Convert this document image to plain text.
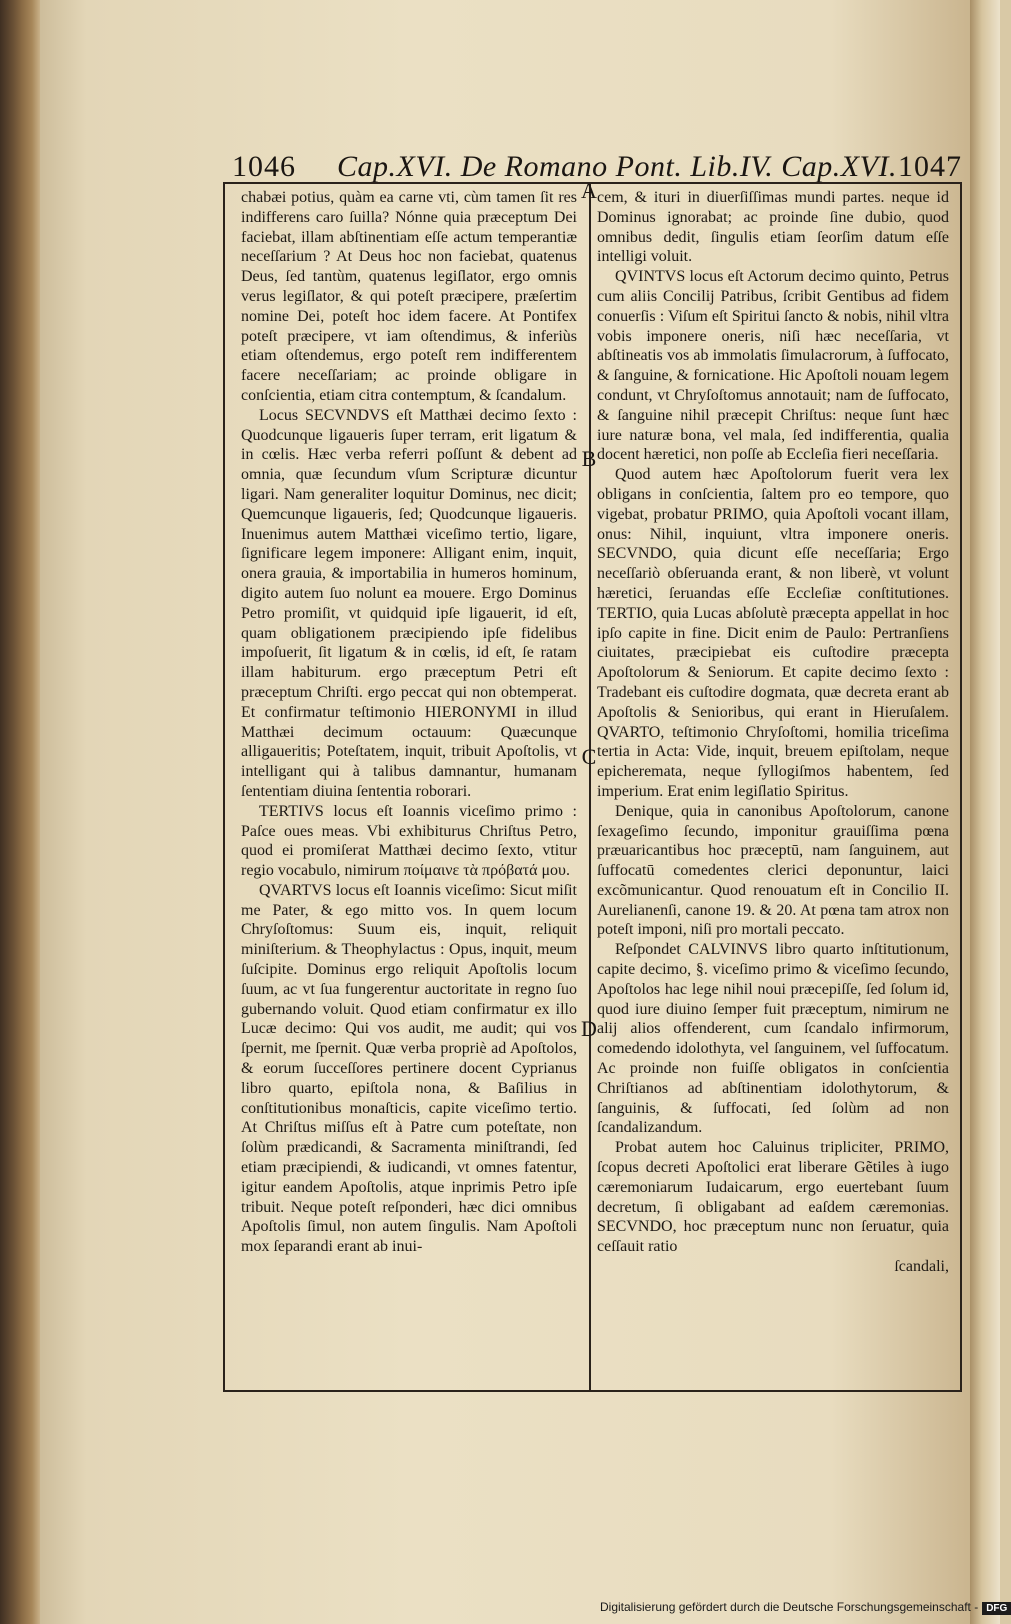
1046 Cap.XVI. De Romano Pont. Lib.IV. Cap.XVI. 1047
A
B
C
D

chabæi potius, quàm ea carne vti, cùm tamen ſit res indifferens caro ſuilla? Nónne quia præceptum Dei faciebat, illam abſtinentiam eſſe actum temperantiæ neceſſarium ? At Deus hoc non faciebat, quatenus Deus, ſed tantùm, quatenus legiſlator, ergo omnis verus legiſlator, & qui poteſt præcipere, præſertim nomine Dei, poteſt hoc idem facere. At Pontifex poteſt præcipere, vt iam oſtendimus, & inferiùs etiam oſtendemus, ergo poteſt rem indifferentem facere neceſſariam; ac proinde obligare in conſcientia, etiam citra contemptum, & ſcandalum.

Locus SECVNDVS eſt Matthæi decimo ſexto : Quodcunque ligaueris ſuper terram, erit ligatum & in cœlis. Hæc verba referri poſſunt & debent ad omnia, quæ ſecundum vſum Scripturæ dicuntur ligari. Nam generaliter loquitur Dominus, nec dicit; Quemcunque ligaueris, ſed; Quodcunque ligaueris. Inuenimus autem Matthæi viceſimo tertio, ligare, ſignificare legem imponere: Alligant enim, inquit, onera grauia, & importabilia in humeros hominum, digito autem ſuo nolunt ea mouere. Ergo Dominus Petro promiſit, vt quidquid ipſe ligauerit, id eſt, quam obligationem præcipiendo ipſe fidelibus impoſuerit, ſit ligatum & in cœlis, id eſt, ſe ratam illam habiturum. ergo præceptum Petri eſt præceptum Chriſti. ergo peccat qui non obtemperat. Et confirmatur teſtimonio HIERONYMI in illud Matthæi decimum octauum: Quæcunque alligaueritis; Poteſtatem, inquit, tribuit Apoſtolis, vt intelligant qui à talibus damnantur, humanam ſententiam diuina ſententia roborari.

TERTIVS locus eſt Ioannis viceſimo primo : Paſce oues meas. Vbi exhibiturus Chriſtus Petro, quod ei promiſerat Matthæi decimo ſexto, vtitur regio vocabulo, nimirum ποίμαινε τὰ πρόβατά μου.

QVARTVS locus eſt Ioannis viceſimo: Sicut miſit me Pater, & ego mitto vos. In quem locum Chryſoſtomus: Suum eis, inquit, reliquit miniſterium. & Theophylactus : Opus, inquit, meum ſuſcipite. Dominus ergo reliquit Apoſtolis locum ſuum, ac vt ſua fungerentur auctoritate in regno ſuo gubernando voluit. Quod etiam confirmatur ex illo Lucæ decimo: Qui vos audit, me audit; qui vos ſpernit, me ſpernit. Quæ verba propriè ad Apoſtolos, & eorum ſucceſſores pertinere docent Cyprianus libro quarto, epiſtola nona, & Baſilius in conſtitutionibus monaſticis, capite viceſimo tertio. At Chriſtus miſſus eſt à Patre cum poteſtate, non ſolùm prædicandi, & Sacramenta miniſtrandi, ſed etiam præcipiendi, & iudicandi, vt omnes fatentur, igitur eandem Apoſtolis, atque inprimis Petro ipſe tribuit. Neque poteſt reſponderi, hæc dici omnibus Apoſtolis ſimul, non autem ſingulis. Nam Apoſtoli mox ſeparandi erant ab inui-

cem, & ituri in diuerſiſſimas mundi partes. neque id Dominus ignorabat; ac proinde ſine dubio, quod omnibus dedit, ſingulis etiam ſeorſim datum eſſe intelligi voluit.

QVINTVS locus eſt Actorum decimo quinto, Petrus cum aliis Concilij Patribus, ſcribit Gentibus ad fidem conuerſis : Viſum eſt Spiritui ſancto & nobis, nihil vltra vobis imponere oneris, niſi hæc neceſſaria, vt abſtineatis vos ab immolatis ſimulacrorum, à ſuffocato, & ſanguine, & fornicatione. Hic Apoſtoli nouam legem condunt, vt Chryſoſtomus annotauit; nam de ſuffocato, & ſanguine nihil præcepit Chriſtus: neque ſunt hæc iure naturæ bona, vel mala, ſed indifferentia, qualia docent hæretici, non poſſe ab Eccleſia fieri neceſſaria.

Quod autem hæc Apoſtolorum fuerit vera lex obligans in conſcientia, ſaltem pro eo tempore, quo vigebat, probatur PRIMO, quia Apoſtoli vocant illam, onus: Nihil, inquiunt, vltra imponere oneris. SECVNDO, quia dicunt eſſe neceſſaria; Ergo neceſſariò obſeruanda erant, & non liberè, vt volunt hæretici, ſeruandas eſſe Eccleſiæ conſtitutiones. TERTIO, quia Lucas abſolutè præcepta appellat in hoc ipſo capite in fine. Dicit enim de Paulo: Pertranſiens ciuitates, præcipiebat eis cuſtodire præcepta Apoſtolorum & Seniorum. Et capite decimo ſexto : Tradebant eis cuſtodire dogmata, quæ decreta erant ab Apoſtolis & Senioribus, qui erant in Hieruſalem. QVARTO, teſtimonio Chryſoſtomi, homilia triceſima tertia in Acta: Vide, inquit, breuem epiſtolam, neque epicheremata, neque ſyllogiſmos habentem, ſed imperium. Erat enim legiſlatio Spiritus.

Denique, quia in canonibus Apoſtolorum, canone ſexageſimo ſecundo, imponitur grauiſſima pœna præuaricantibus hoc præceptū, nam ſanguinem, aut ſuffocatū comedentes clerici deponuntur, laici excõmunicantur. Quod renouatum eſt in Concilio II. Aurelianenſi, canone 19. & 20. At pœna tam atrox non poteſt imponi, niſi pro mortali peccato.

Reſpondet CALVINVS libro quarto inſtitutionum, capite decimo, §. viceſimo primo & viceſimo ſecundo, Apoſtolos hac lege nihil noui præcepiſſe, ſed ſolum id, quod iure diuino ſemper fuit præceptum, nimirum ne alij alios offenderent, cum ſcandalo infirmorum, comedendo idolothyta, vel ſanguinem, vel ſuffocatum. Ac proinde non fuiſſe obligatos in conſcientia Chriſtianos ad abſtinentiam idolothytorum, & ſanguinis, & ſuffocati, ſed ſolùm ad non ſcandalizandum.

Probat autem hoc Caluinus tripliciter, PRIMO, ſcopus decreti Apoſtolici erat liberare Gẽtiles à iugo cæremoniarum Iudaicarum, ergo euertebant ſuum decretum, ſi obligabant ad eaſdem cæremonias. SECVNDO, hoc præceptum nunc non ſeruatur, quia ceſſauit ratio

ſcandali,

Digitalisierung gefördert durch die Deutsche Forschungsgemeinschaft - DFG
